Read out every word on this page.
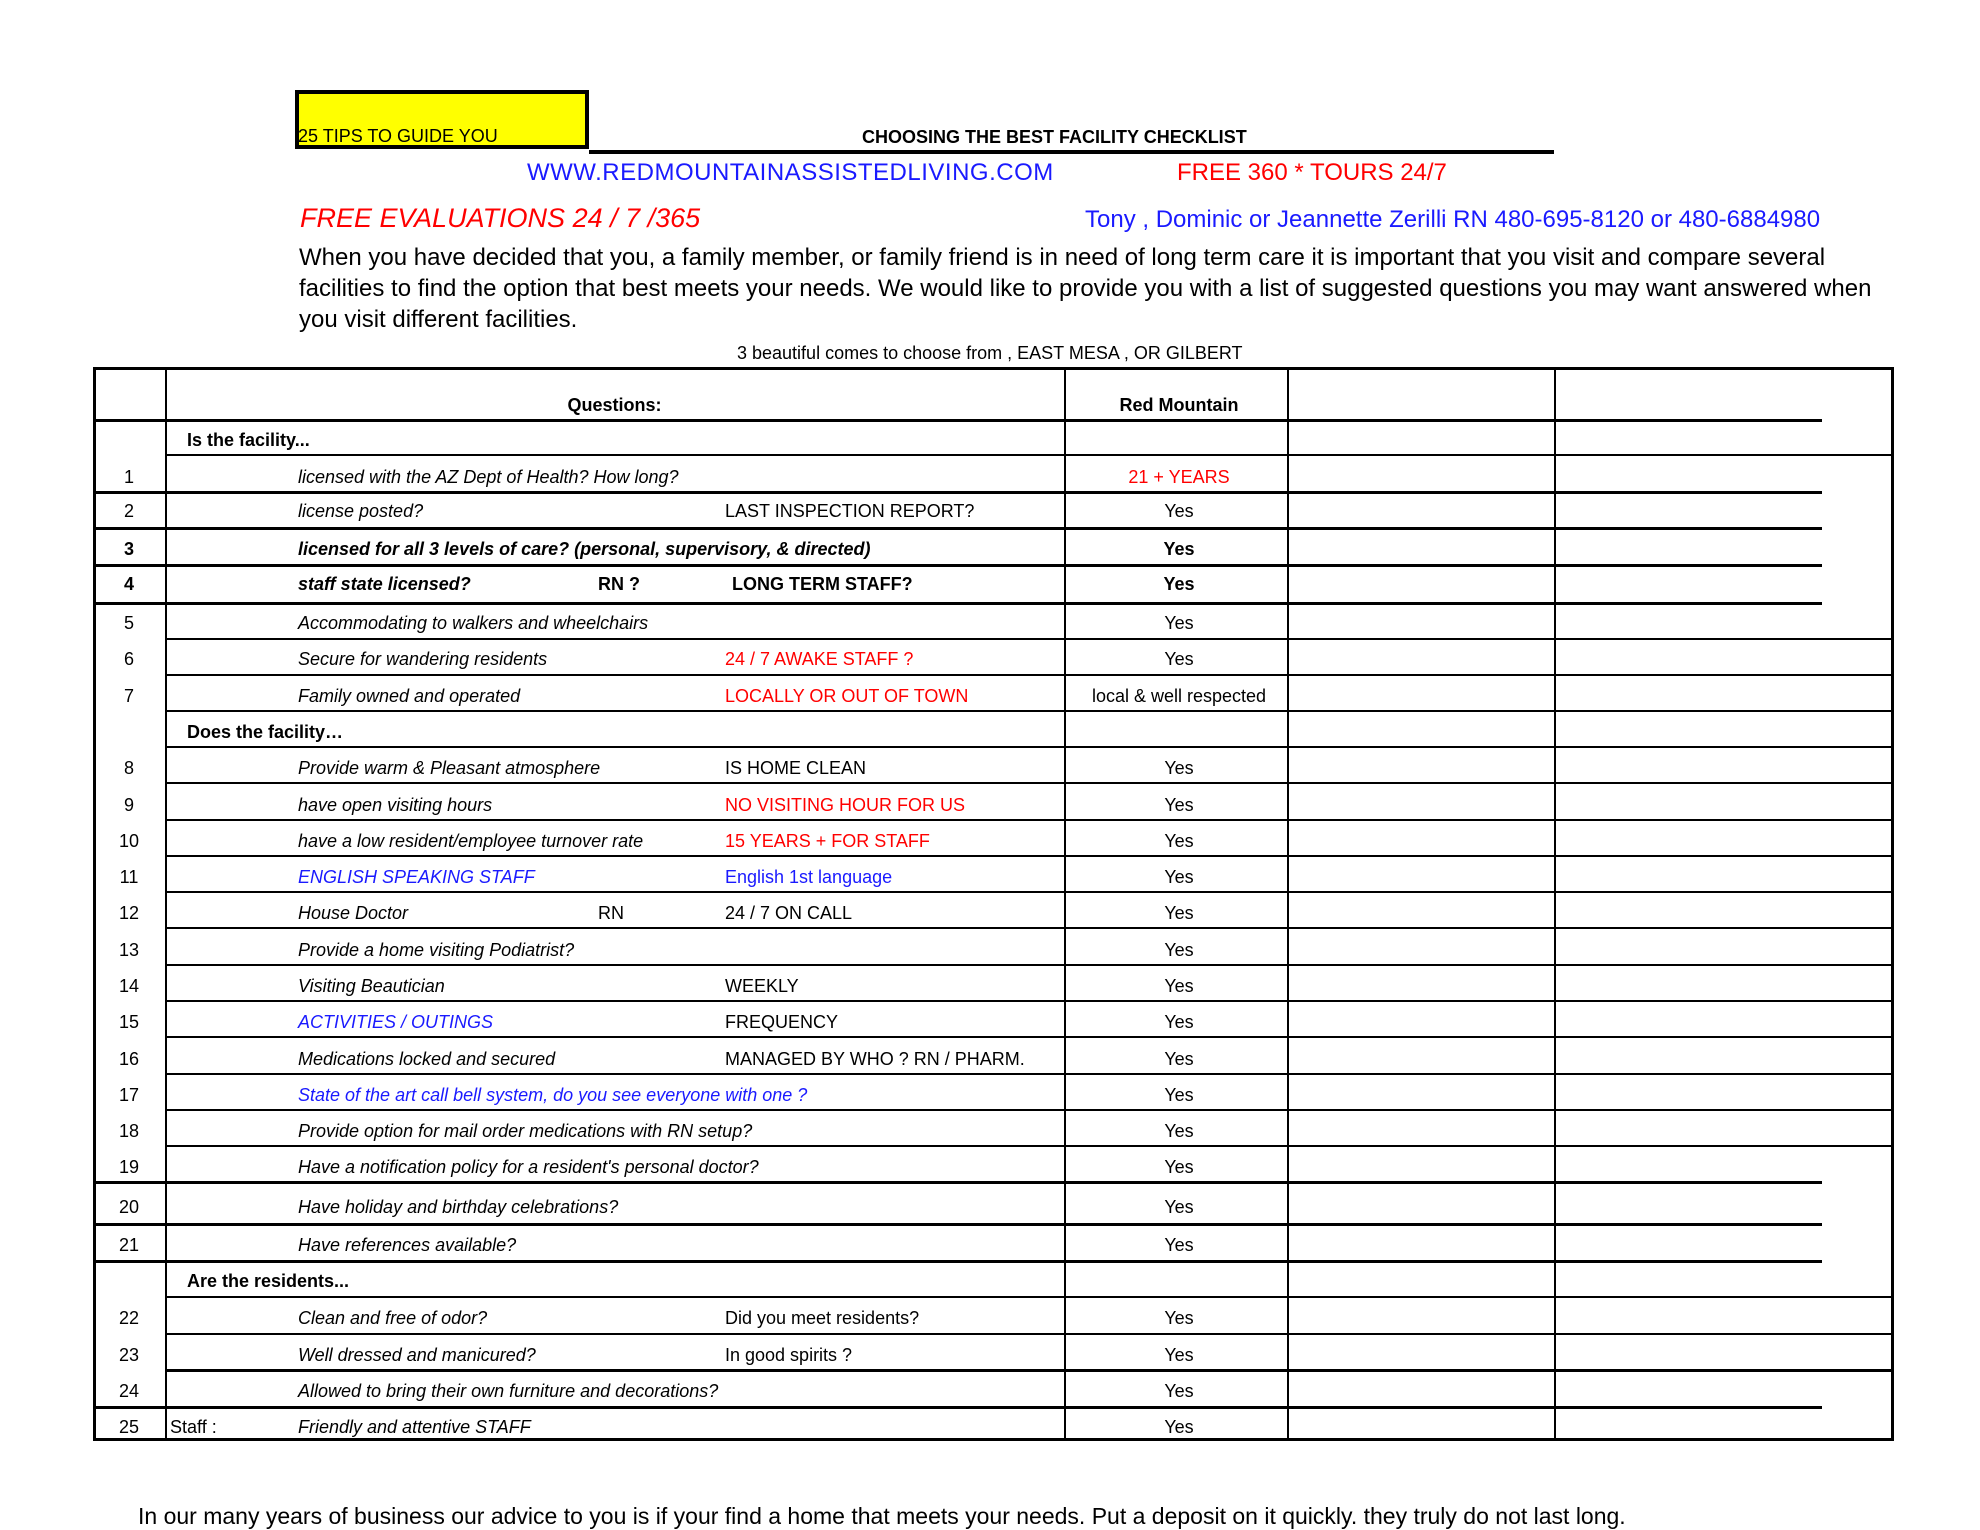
25 TIPS TO GUIDE YOU	CHOOSING THE BEST FACILITY CHECKLIST
WWW.REDMOUNTAINASSISTEDLIVING.COM	FREE 360 * TOURS 24/7
FREE EVALUATIONS 24 / 7 /365	Tony , Dominic or Jeannette Zerilli RN 480-695-8120 or 480-6884980
When you have decided that you, a family member, or family friend is in need of long term care it is important that you visit and compare several facilities to find the option that best meets your needs. We would like to provide you with a list of suggested questions you may want answered when you visit different facilities.
3 beautiful comes to choose from , EAST MESA , OR GILBERT
Questions:	Red Mountain
Is the facility...
1	licensed with the AZ Dept of Health? How long?	21 + YEARS
2	license posted?	LAST INSPECTION REPORT?	Yes
3	licensed for all 3 levels of care? (personal, supervisory, & directed)	Yes
4	staff state licensed?	RN ?	LONG TERM STAFF?	Yes
5	Accommodating to walkers and wheelchairs	Yes
6	Secure for wandering residents	24 / 7 AWAKE STAFF ?	Yes
7	Family owned and operated	LOCALLY OR OUT OF TOWN	local & well respected
Does the facility…
8	Provide warm & Pleasant atmosphere	IS HOME CLEAN	Yes
9	have open visiting hours	NO VISITING HOUR FOR US	Yes
10	have a low resident/employee turnover rate	15 YEARS + FOR STAFF	Yes
11	ENGLISH SPEAKING STAFF	English 1st language	Yes
12	House Doctor	RN	24 / 7 ON CALL	Yes
13	Provide a home visiting Podiatrist?	Yes
14	Visiting Beautician	WEEKLY	Yes
15	ACTIVITIES / OUTINGS	FREQUENCY	Yes
16	Medications locked and secured	MANAGED BY WHO ? RN / PHARM.	Yes
17	State of the art call bell system, do you see everyone with one ?	Yes
18	Provide option for mail order medications with RN setup?	Yes
19	Have a notification policy for a resident's personal doctor?	Yes
20	Have holiday and birthday celebrations?	Yes
21	Have references available?	Yes
Are the residents...
22	Clean and free of odor?	Did you meet residents?	Yes
23	Well dressed and manicured?	In good spirits ?	Yes
24	Allowed to bring their own furniture and decorations?	Yes
25	Staff :	Friendly and attentive STAFF	Yes
In our many years of business our advice to you is if your find a home that meets your needs. Put a deposit on it quickly. they truly do not last long.
